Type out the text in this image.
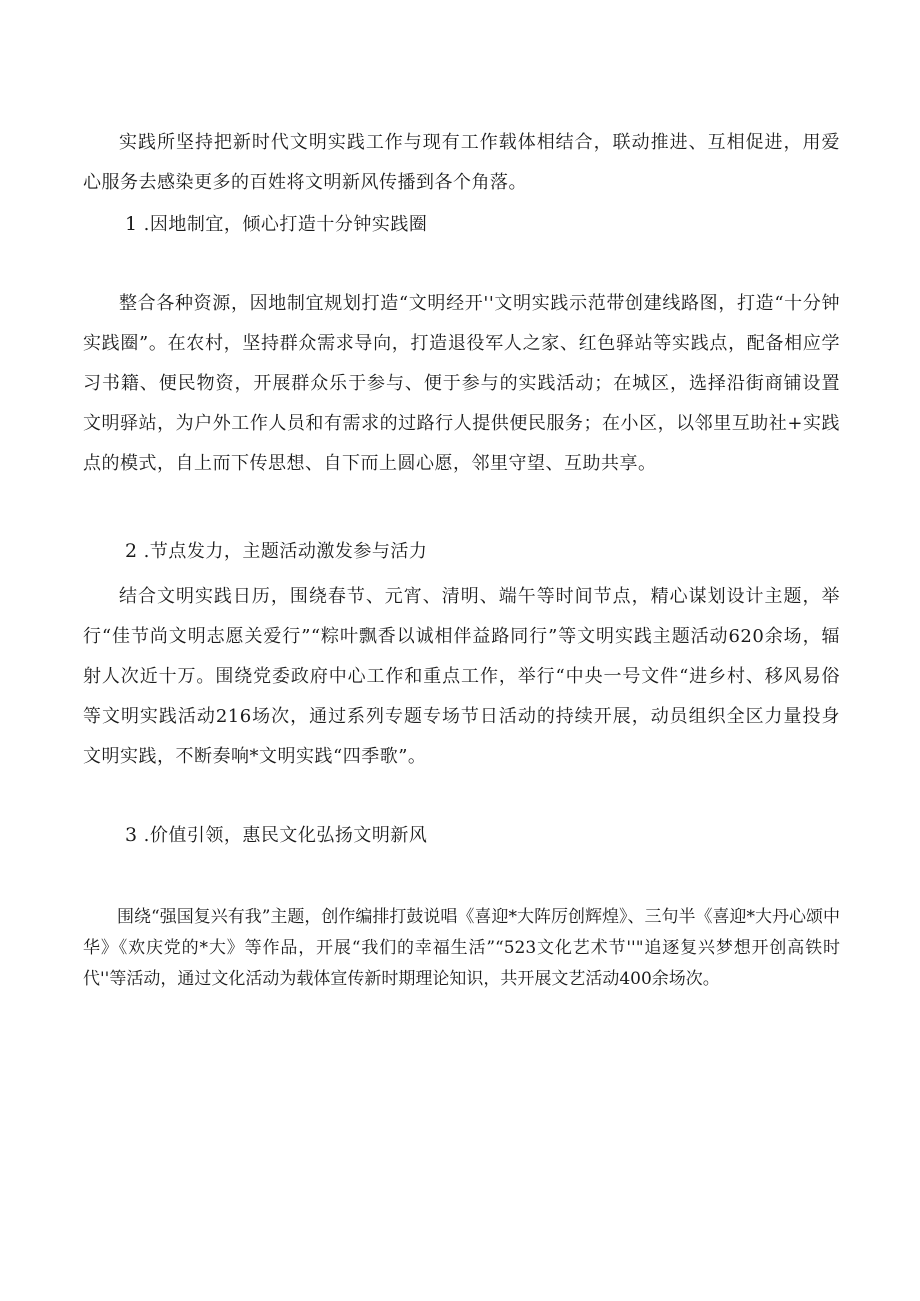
实践所坚持把新时代文明实践工作与现有工作载体相结合，联动推进、互相促进，用爱心服务去感染更多的百姓将文明新风传播到各个角落。

1 .因地制宜，倾心打造十分钟实践圈

整合各种资源，因地制宜规划打造“文明经开''文明实践示范带创建线路图，打造“十分钟实践圈”。在农村，坚持群众需求导向，打造退役军人之家、红色驿站等实践点，配备相应学习书籍、便民物资，开展群众乐于参与、便于参与的实践活动；在城区，选择沿街商铺设置文明驿站，为户外工作人员和有需求的过路行人提供便民服务；在小区，以邻里互助社+实践点的模式，自上而下传思想、自下而上圆心愿，邻里守望、互助共享。

2 .节点发力，主题活动激发参与活力

结合文明实践日历，围绕春节、元宵、清明、端午等时间节点，精心谋划设计主题，举行“佳节尚文明志愿关爱行”“粽叶飘香以诚相伴益路同行”等文明实践主题活动620余场，辐射人次近十万。围绕党委政府中心工作和重点工作，举行“中央一号文件“进乡村、移风易俗等文明实践活动216场次，通过系列专题专场节日活动的持续开展，动员组织全区力量投身文明实践，不断奏响*文明实践“四季歌”。

3 .价值引领，惠民文化弘扬文明新风

围绕“强国复兴有我”主题，创作编排打鼓说唱《喜迎*大阵厉创辉煌》、三句半《喜迎*大丹心颂中华》《欢庆党的*大》等作品，开展“我们的幸福生活”“523文化艺术节''"追逐复兴梦想开创高铁时代''等活动，通过文化活动为载体宣传新时期理论知识，共开展文艺活动400余场次。
